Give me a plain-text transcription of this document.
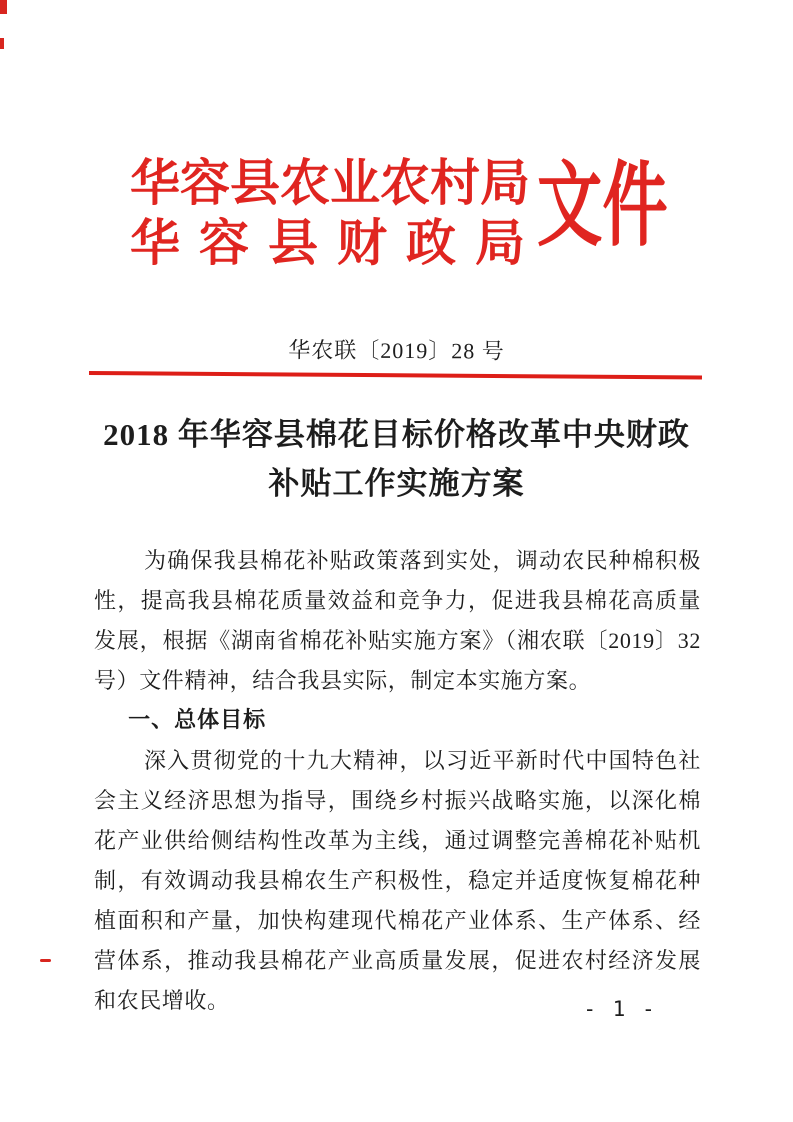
华容县农业农村局
华容县财政局
文件
华农联〔2019〕28 号
2018 年华容县棉花目标价格改革中央财政
补贴工作实施方案

为确保我县棉花补贴政策落到实处，调动农民种棉积极性，提高我县棉花质量效益和竞争力，促进我县棉花高质量发展，根据《湖南省棉花补贴实施方案》（湘农联〔2019〕32号）文件精神，结合我县实际，制定本实施方案。

一、总体目标

深入贯彻党的十九大精神，以习近平新时代中国特色社会主义经济思想为指导，围绕乡村振兴战略实施，以深化棉花产业供给侧结构性改革为主线，通过调整完善棉花补贴机制，有效调动我县棉农生产积极性，稳定并适度恢复棉花种植面积和产量，加快构建现代棉花产业体系、生产体系、经营体系，推动我县棉花产业高质量发展，促进农村经济发展和农民增收。	- 1 -
